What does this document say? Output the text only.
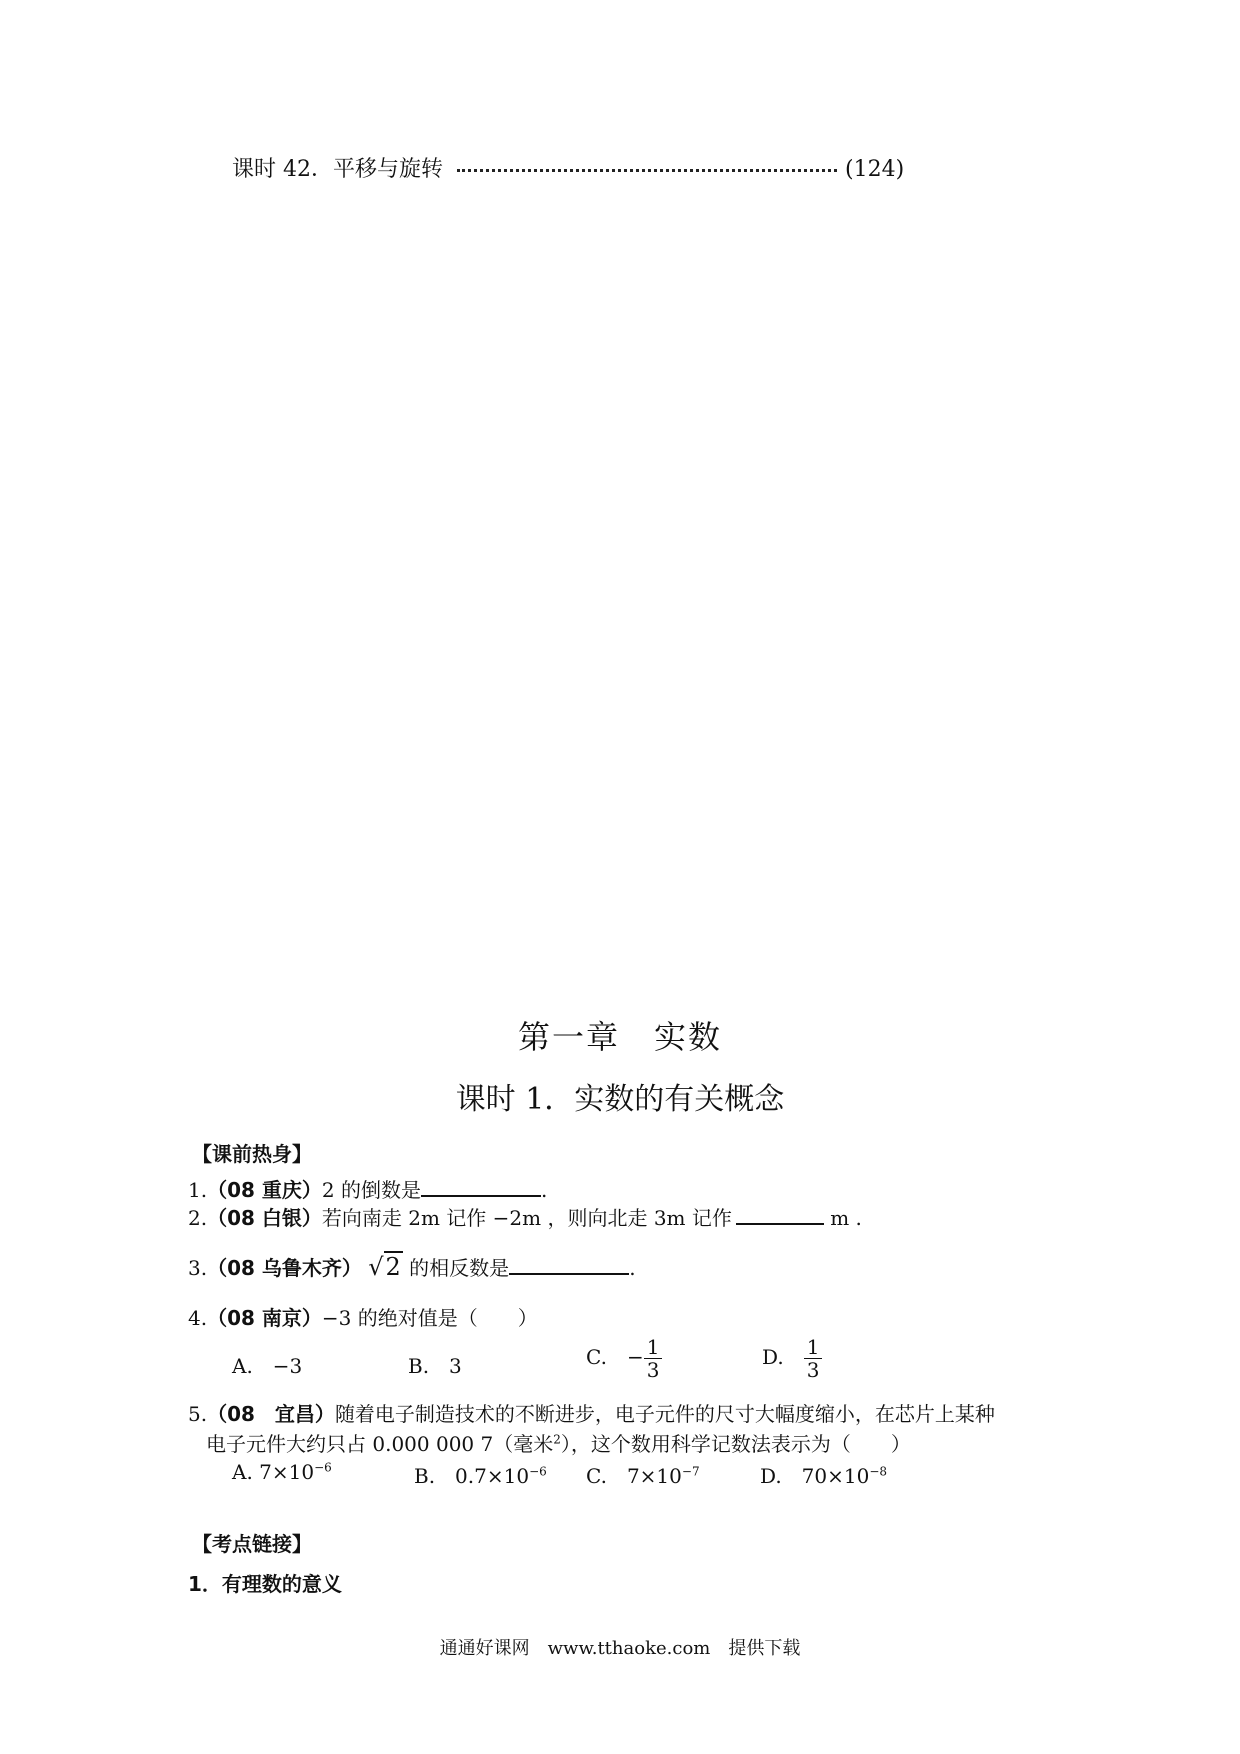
课时 42．平移与旋转	(124)
第一章　实数
课时 1．实数的有关概念
【课前热身】
1.（08 重庆）2 的倒数是	.
2.（08 白银）若向南走 2m 记作 −2m ，则向北走 3m 记作	m .
3.（08 乌鲁木齐） √2 的相反数是	.
4.（08 南京）−3 的绝对值是（　　）
A.　−3	B.　3	C.　− $\frac{1}{3}$	D.　 $\frac{1}{3}$
5.（08　宜昌）随着电子制造技术的不断进步，电子元件的尺寸大幅度缩小，在芯片上某种
电子元件大约只占 0.000 000 7（毫米$^2$），这个数用科学记数法表示为（　　）
A. $7\times 10^{-6}$	B.　$0.7\times 10^{-6}$ C.　$7\times 10^{-7}$	D.　$70\times 10^{-8}$
【考点链接】
1．有理数的意义
通通好课网　www.tthaoke.com　提供下载
